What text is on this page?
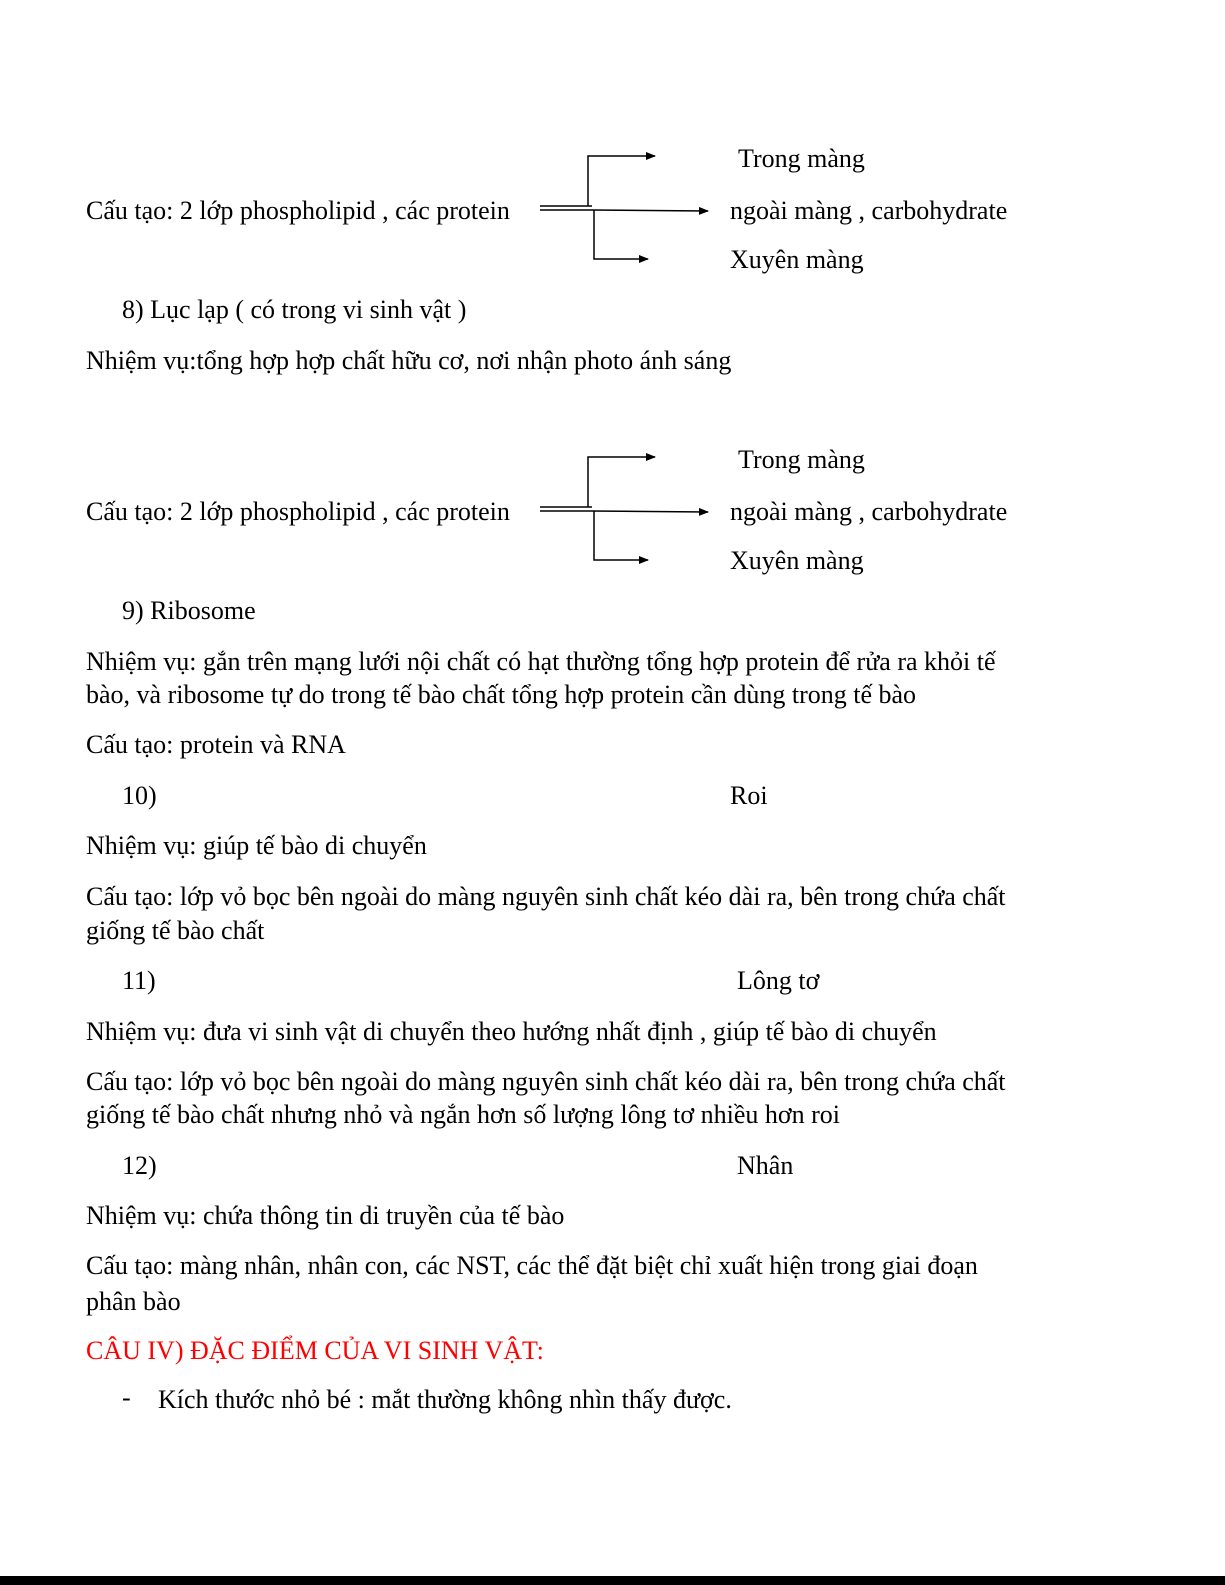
Trong màng
Cấu tạo: 2 lớp phospholipid , các protein	ngoài màng , carbohydrate
Xuyên màng
8) Lục lạp ( có trong vi sinh vật )
Nhiệm vụ:tổng hợp hợp chất hữu cơ, nơi nhận photo ánh sáng
Trong màng
Cấu tạo: 2 lớp phospholipid , các protein	ngoài màng , carbohydrate
Xuyên màng
9) Ribosome
Nhiệm vụ: gắn trên mạng lưới nội chất có hạt thường tổng hợp protein để rửa ra khỏi tế
bào, và ribosome tự do trong tế bào chất tổng hợp protein cần dùng trong tế bào
Cấu tạo: protein và RNA
10)	Roi
Nhiệm vụ: giúp tế bào di chuyển
Cấu tạo: lớp vỏ bọc bên ngoài do màng nguyên sinh chất kéo dài ra, bên trong chứa chất
giống tế bào chất
11)	Lông tơ
Nhiệm vụ: đưa vi sinh vật di chuyển theo hướng nhất định , giúp tế bào di chuyển
Cấu tạo: lớp vỏ bọc bên ngoài do màng nguyên sinh chất kéo dài ra, bên trong chứa chất
giống tế bào chất nhưng nhỏ và ngắn hơn số lượng lông tơ nhiều hơn roi
12)	Nhân
Nhiệm vụ: chứa thông tin di truyền của tế bào
Cấu tạo: màng nhân, nhân con, các NST, các thể đặt biệt chỉ xuất hiện trong giai đoạn
phân bào
CÂU IV) ĐẶC ĐIỂM CỦA VI SINH VẬT:
- Kích thước nhỏ bé : mắt thường không nhìn thấy được.
